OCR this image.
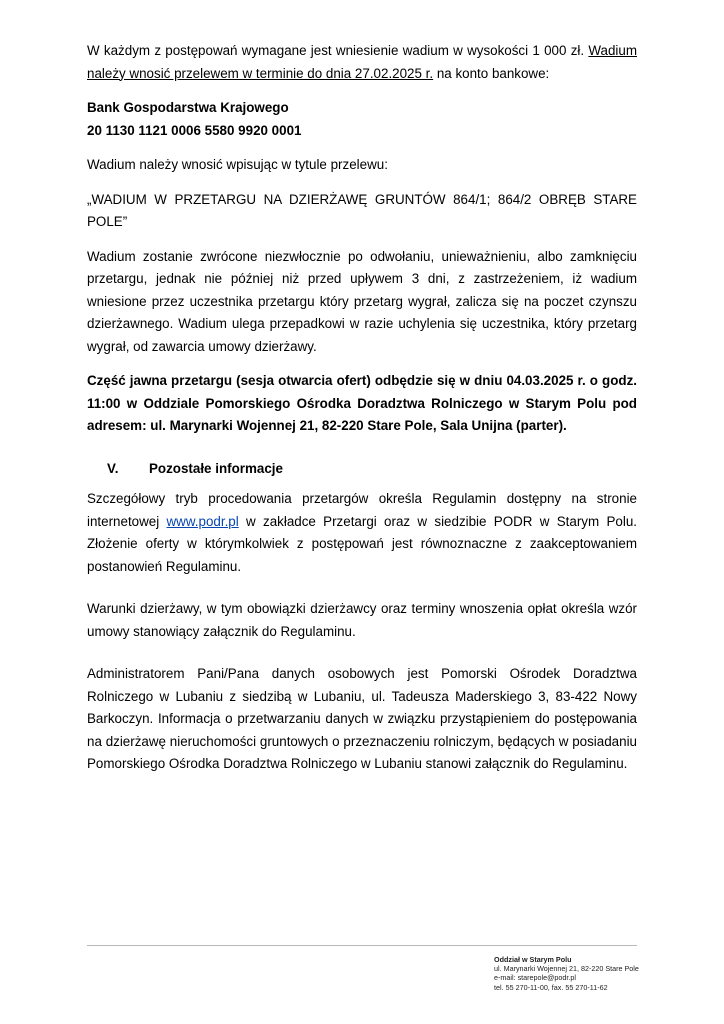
W każdym z postępowań wymagane jest wniesienie wadium w wysokości 1 000 zł. Wadium należy wnosić przelewem w terminie do dnia 27.02.2025 r. na konto bankowe:

Bank Gospodarstwa Krajowego

20 1130 1121 0006 5580 9920 0001

Wadium należy wnosić wpisując w tytule przelewu:

„WADIUM W PRZETARGU NA DZIERŻAWĘ GRUNTÓW 864/1; 864/2 OBRĘB STARE POLE”

Wadium zostanie zwrócone niezwłocznie po odwołaniu, unieważnieniu, albo zamknięciu przetargu, jednak nie później niż przed upływem 3 dni, z zastrzeżeniem, iż wadium wniesione przez uczestnika przetargu który przetarg wygrał, zalicza się na poczet czynszu dzierżawnego. Wadium ulega przepadkowi w razie uchylenia się uczestnika, który przetarg wygrał, od zawarcia umowy dzierżawy.

Część jawna przetargu (sesja otwarcia ofert) odbędzie się w dniu 04.03.2025 r. o godz. 11:00 w Oddziale Pomorskiego Ośrodka Doradztwa Rolniczego w Starym Polu pod adresem: ul. Marynarki Wojennej 21, 82-220 Stare Pole, Sala Unijna (parter).

V.	Pozostałe informacje

Szczegółowy tryb procedowania przetargów określa Regulamin dostępny na stronie internetowej www.podr.pl w zakładce Przetargi oraz w siedzibie PODR w Starym Polu. Złożenie oferty w którymkolwiek z postępowań jest równoznaczne z zaakceptowaniem postanowień Regulaminu.

Warunki dzierżawy, w tym obowiązki dzierżawcy oraz terminy wnoszenia opłat określa wzór umowy stanowiący załącznik do Regulaminu.

Administratorem Pani/Pana danych osobowych jest Pomorski Ośrodek Doradztwa Rolniczego w Lubaniu z siedzibą w Lubaniu, ul. Tadeusza Maderskiego 3, 83-422 Nowy Barkoczyn. Informacja o przetwarzaniu danych w związku przystąpieniem do postępowania na dzierżawę nieruchomości gruntowych o przeznaczeniu rolniczym, będących w posiadaniu Pomorskiego Ośrodka Doradztwa Rolniczego w Lubaniu stanowi załącznik do Regulaminu.

Oddział w Starym Polu
ul. Marynarki Wojennej 21, 82-220 Stare Pole
e-mail: starepole@podr.pl
tel. 55 270-11-00, fax. 55 270-11-62
